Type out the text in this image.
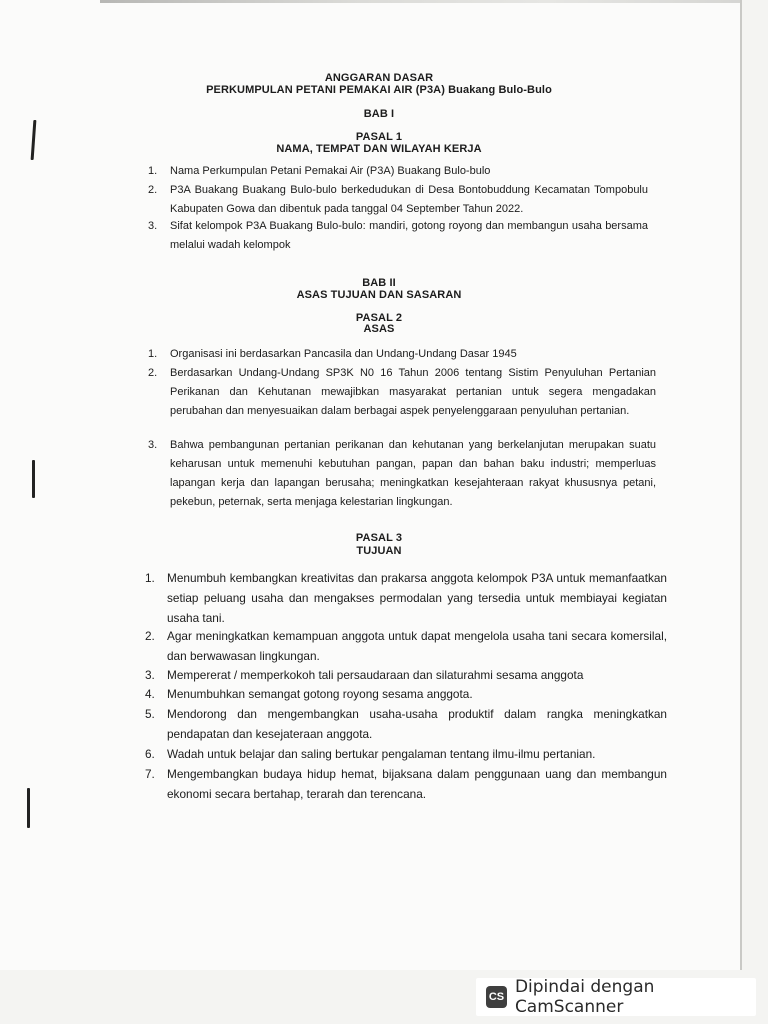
ANGGARAN DASAR
PERKUMPULAN PETANI PEMAKAI AIR (P3A) Buakang Bulo-Bulo
BAB I
PASAL 1
NAMA, TEMPAT DAN WILAYAH KERJA
1. Nama Perkumpulan Petani Pemakai Air (P3A) Buakang Bulo-bulo
2. P3A Buakang Buakang Bulo-bulo berkedudukan di Desa Bontobuddung Kecamatan Tompobulu Kabupaten Gowa dan dibentuk pada tanggal 04 September Tahun 2022.
3. Sifat kelompok P3A Buakang Bulo-bulo: mandiri, gotong royong dan membangun usaha bersama melalui wadah kelompok
BAB II
ASAS TUJUAN DAN SASARAN
PASAL 2
ASAS
1. Organisasi ini berdasarkan Pancasila dan Undang-Undang Dasar 1945
2. Berdasarkan Undang-Undang SP3K N0 16 Tahun 2006 tentang Sistim Penyuluhan Pertanian Perikanan dan Kehutanan mewajibkan masyarakat pertanian untuk segera mengadakan perubahan dan menyesuaikan dalam berbagai aspek penyelenggaraan penyuluhan pertanian.
3. Bahwa pembangunan pertanian perikanan dan kehutanan yang berkelanjutan merupakan suatu keharusan untuk memenuhi kebutuhan pangan, papan dan bahan baku industri; memperluas lapangan kerja dan lapangan berusaha; meningkatkan kesejahteraan rakyat khususnya petani, pekebun, peternak, serta menjaga kelestarian lingkungan.
PASAL 3
TUJUAN
1. Menumbuh kembangkan kreativitas dan prakarsa anggota kelompok P3A untuk memanfaatkan setiap peluang usaha dan mengakses permodalan yang tersedia untuk membiayai kegiatan usaha tani.
2. Agar meningkatkan kemampuan anggota untuk dapat mengelola usaha tani secara komersilal, dan berwawasan lingkungan.
3. Mempererat / memperkokoh tali persaudaraan dan silaturahmi sesama anggota
4. Menumbuhkan semangat gotong royong sesama anggota.
5. Mendorong dan mengembangkan usaha-usaha produktif dalam rangka meningkatkan pendapatan dan kesejateraan anggota.
6. Wadah untuk belajar dan saling bertukar pengalaman tentang ilmu-ilmu pertanian.
7. Mengembangkan budaya hidup hemat, bijaksana dalam penggunaan uang dan membangun ekonomi secara bertahap, terarah dan terencana.
CS Dipindai dengan CamScanner
